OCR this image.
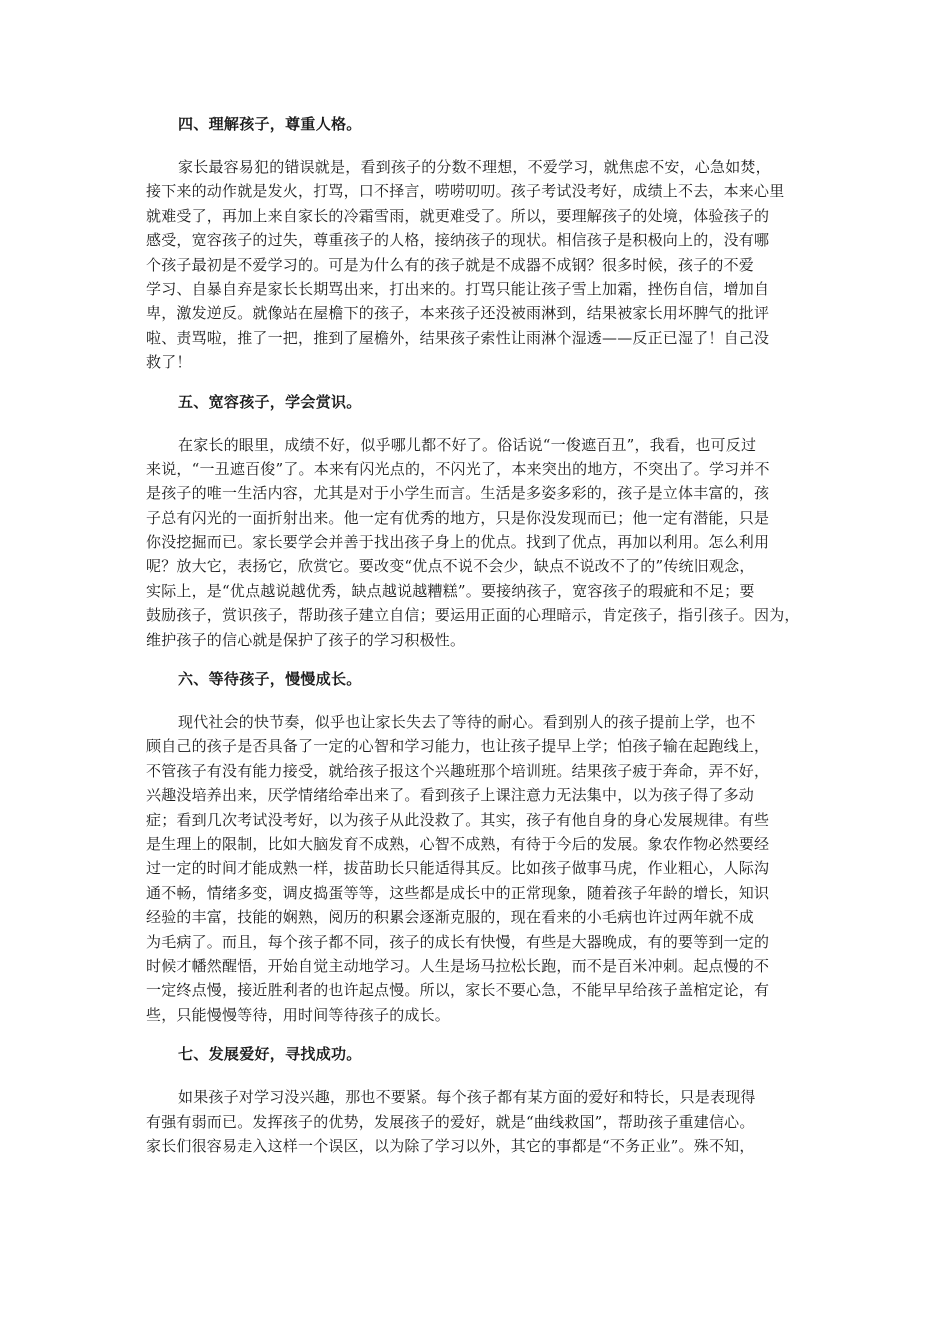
四、理解孩子，尊重人格。

家长最容易犯的错误就是，看到孩子的分数不理想，不爱学习，就焦虑不安，心急如焚，
接下来的动作就是发火，打骂，口不择言，唠唠叨叨。孩子考试没考好，成绩上不去，本来心里
就难受了，再加上来自家长的冷霜雪雨，就更难受了。所以，要理解孩子的处境，体验孩子的
感受，宽容孩子的过失，尊重孩子的人格，接纳孩子的现状。相信孩子是积极向上的，没有哪
个孩子最初是不爱学习的。可是为什么有的孩子就是不成器不成钢？很多时候，孩子的不爱
学习、自暴自弃是家长长期骂出来，打出来的。打骂只能让孩子雪上加霜，挫伤自信，增加自
卑，激发逆反。就像站在屋檐下的孩子，本来孩子还没被雨淋到，结果被家长用坏脾气的批评
啦、责骂啦，推了一把，推到了屋檐外，结果孩子索性让雨淋个湿透——反正已湿了！自己没
救了！

五、宽容孩子，学会赏识。

在家长的眼里，成绩不好，似乎哪儿都不好了。俗话说“一俊遮百丑”，我看，也可反过
来说，“一丑遮百俊”了。本来有闪光点的，不闪光了，本来突出的地方，不突出了。学习并不
是孩子的唯一生活内容，尤其是对于小学生而言。生活是多姿多彩的，孩子是立体丰富的，孩
子总有闪光的一面折射出来。他一定有优秀的地方，只是你没发现而已；他一定有潜能，只是
你没挖掘而已。家长要学会并善于找出孩子身上的优点。找到了优点，再加以利用。怎么利用
呢？放大它，表扬它，欣赏它。要改变“优点不说不会少，缺点不说改不了的”传统旧观念，
实际上，是“优点越说越优秀，缺点越说越糟糕”。要接纳孩子，宽容孩子的瑕疵和不足；要
鼓励孩子，赏识孩子，帮助孩子建立自信；要运用正面的心理暗示，肯定孩子，指引孩子。因为，
维护孩子的信心就是保护了孩子的学习积极性。

六、等待孩子，慢慢成长。

现代社会的快节奏，似乎也让家长失去了等待的耐心。看到别人的孩子提前上学，也不
顾自己的孩子是否具备了一定的心智和学习能力，也让孩子提早上学；怕孩子输在起跑线上，
不管孩子有没有能力接受，就给孩子报这个兴趣班那个培训班。结果孩子疲于奔命，弄不好，
兴趣没培养出来，厌学情绪给牵出来了。看到孩子上课注意力无法集中，以为孩子得了多动
症；看到几次考试没考好，以为孩子从此没救了。其实，孩子有他自身的身心发展规律。有些
是生理上的限制，比如大脑发育不成熟，心智不成熟，有待于今后的发展。象农作物必然要经
过一定的时间才能成熟一样，拔苗助长只能适得其反。比如孩子做事马虎，作业粗心，人际沟
通不畅，情绪多变，调皮捣蛋等等，这些都是成长中的正常现象，随着孩子年龄的增长，知识
经验的丰富，技能的娴熟，阅历的积累会逐渐克服的，现在看来的小毛病也许过两年就不成
为毛病了。而且，每个孩子都不同，孩子的成长有快慢，有些是大器晚成，有的要等到一定的
时候才幡然醒悟，开始自觉主动地学习。人生是场马拉松长跑，而不是百米冲刺。起点慢的不
一定终点慢，接近胜利者的也许起点慢。所以，家长不要心急，不能早早给孩子盖棺定论，有
些，只能慢慢等待，用时间等待孩子的成长。

七、发展爱好，寻找成功。

如果孩子对学习没兴趣，那也不要紧。每个孩子都有某方面的爱好和特长，只是表现得
有强有弱而已。发挥孩子的优势，发展孩子的爱好，就是“曲线救国”，帮助孩子重建信心。
家长们很容易走入这样一个误区，以为除了学习以外，其它的事都是“不务正业”。殊不知，
